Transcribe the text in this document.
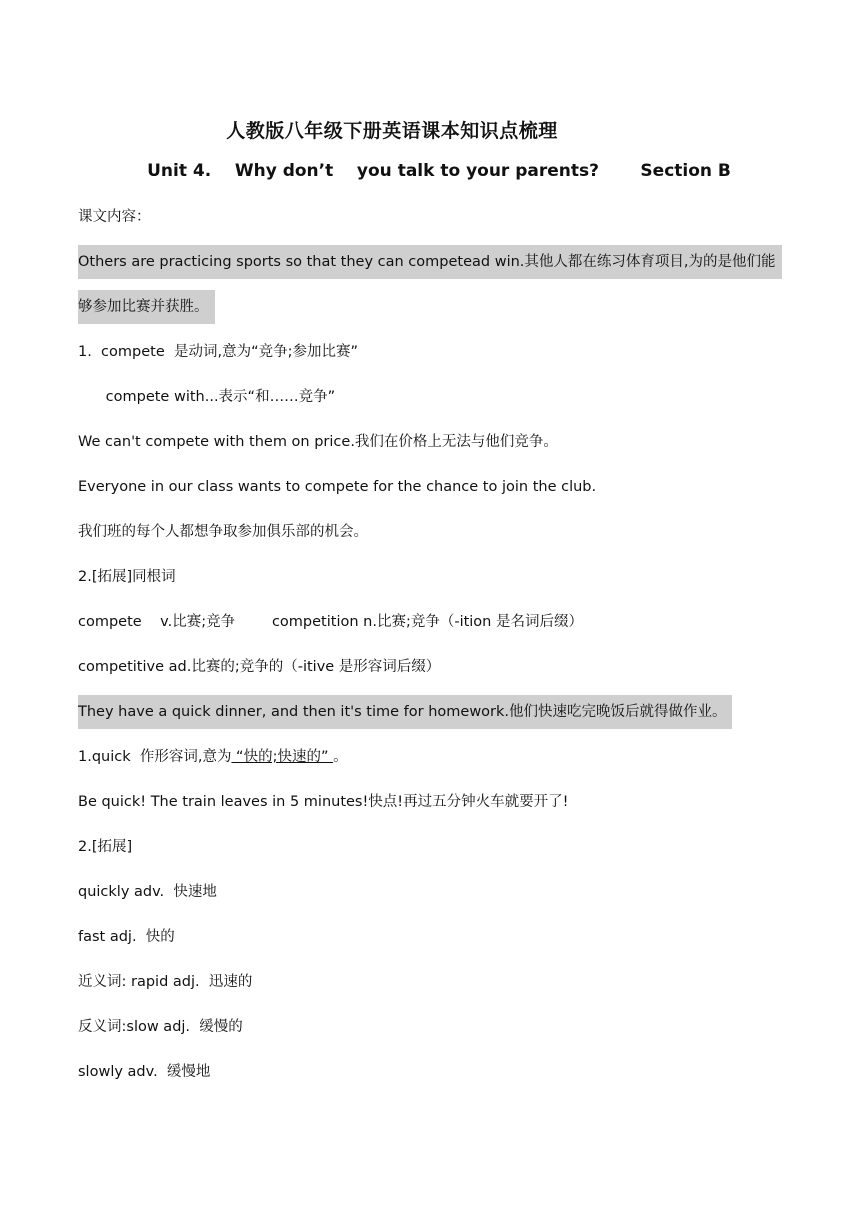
人教版八年级下册英语课本知识点梳理
Unit 4.    Why don’t    you talk to your parents?       Section B
课文内容：
Others are practicing sports so that they can competead win.其他人都在练习体育项目,为的是他们能
够参加比赛并获胜。
1.  compete  是动词,意为“竞争;参加比赛”
compete with...表示“和……竞争”
We can't compete with them on price.我们在价格上无法与他们竞争。
Everyone in our class wants to compete for the chance to join the club.
我们班的每个人都想争取参加俱乐部的机会。
2.[拓展]同根词
compete    v.比赛;竞争        competition n.比赛;竞争（-ition 是名词后缀）
competitive ad.比赛的;竞争的（-itive 是形容词后缀）
They have a quick dinner, and then it's time for homework.他们快速吃完晚饭后就得做作业。
1.quick  作形容词,意为 “快的;快速的” 。
Be quick! The train leaves in 5 minutes!快点!再过五分钟火车就要开了!
2.[拓展]
quickly adv.  快速地
fast adj.  快的
近义词: rapid adj.  迅速的
反义词:slow adj.  缓慢的
slowly adv.  缓慢地
